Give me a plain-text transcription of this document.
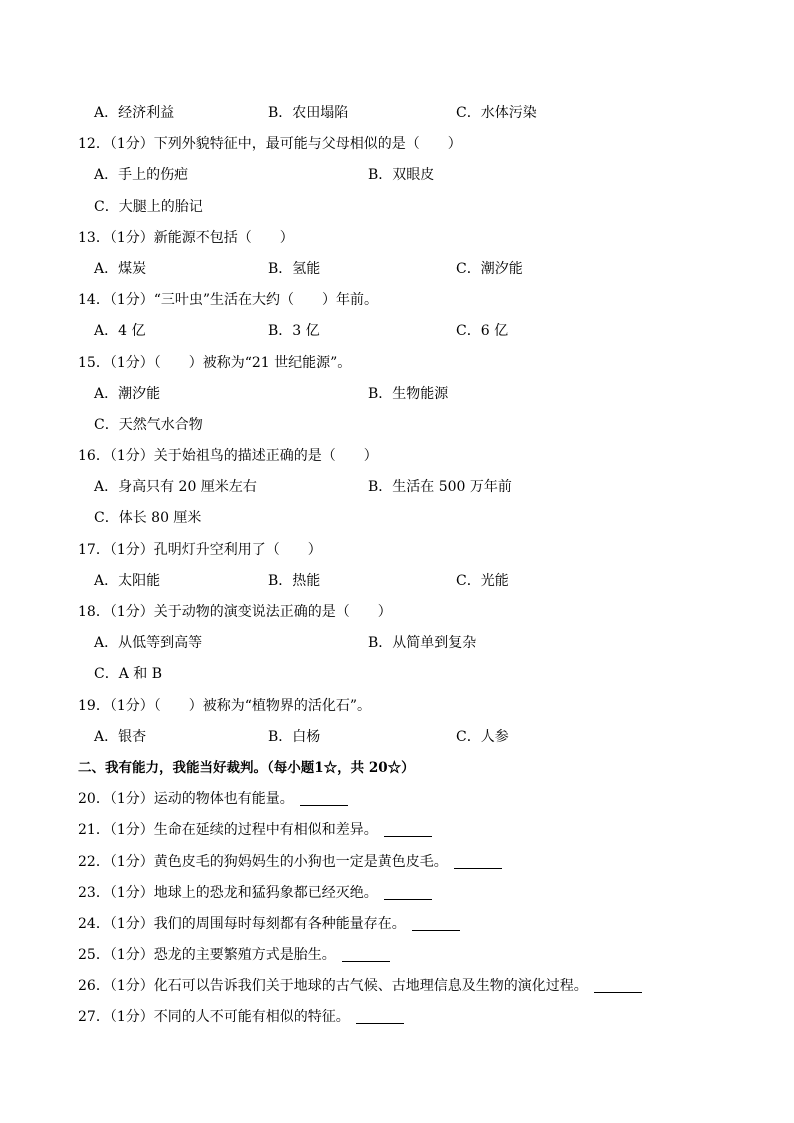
A．经济利益	B．农田塌陷	C．水体污染
12．（1分）下列外貌特征中，最可能与父母相似的是（　　）
A．手上的伤疤	B．双眼皮
C．大腿上的胎记
13．（1分）新能源不包括（　　）
A．煤炭	B．氢能	C．潮汐能
14．（1分）“三叶虫”生活在大约（　　）年前。
A．4 亿	B．3 亿	C．6 亿
15．（1分）（　　）被称为“21 世纪能源”。
A．潮汐能	B．生物能源
C．天然气水合物
16．（1分）关于始祖鸟的描述正确的是（　　）
A．身高只有 20 厘米左右	B．生活在 500 万年前
C．体长 80 厘米
17．（1分）孔明灯升空利用了（　　）
A．太阳能	B．热能	C．光能
18．（1分）关于动物的演变说法正确的是（　　）
A．从低等到高等	B．从简单到复杂
C．A 和 B
19．（1分）（　　）被称为“植物界的活化石”。
A．银杏	B．白杨	C．人参
二、我有能力，我能当好裁判。（每小题1☆，共 20☆）
20．（1分）运动的物体也有能量。
21．（1分）生命在延续的过程中有相似和差异。
22．（1分）黄色皮毛的狗妈妈生的小狗也一定是黄色皮毛。
23．（1分）地球上的恐龙和猛犸象都已经灭绝。
24．（1分）我们的周围每时每刻都有各种能量存在。
25．（1分）恐龙的主要繁殖方式是胎生。
26．（1分）化石可以告诉我们关于地球的古气候、古地理信息及生物的演化过程。
27．（1分）不同的人不可能有相似的特征。
